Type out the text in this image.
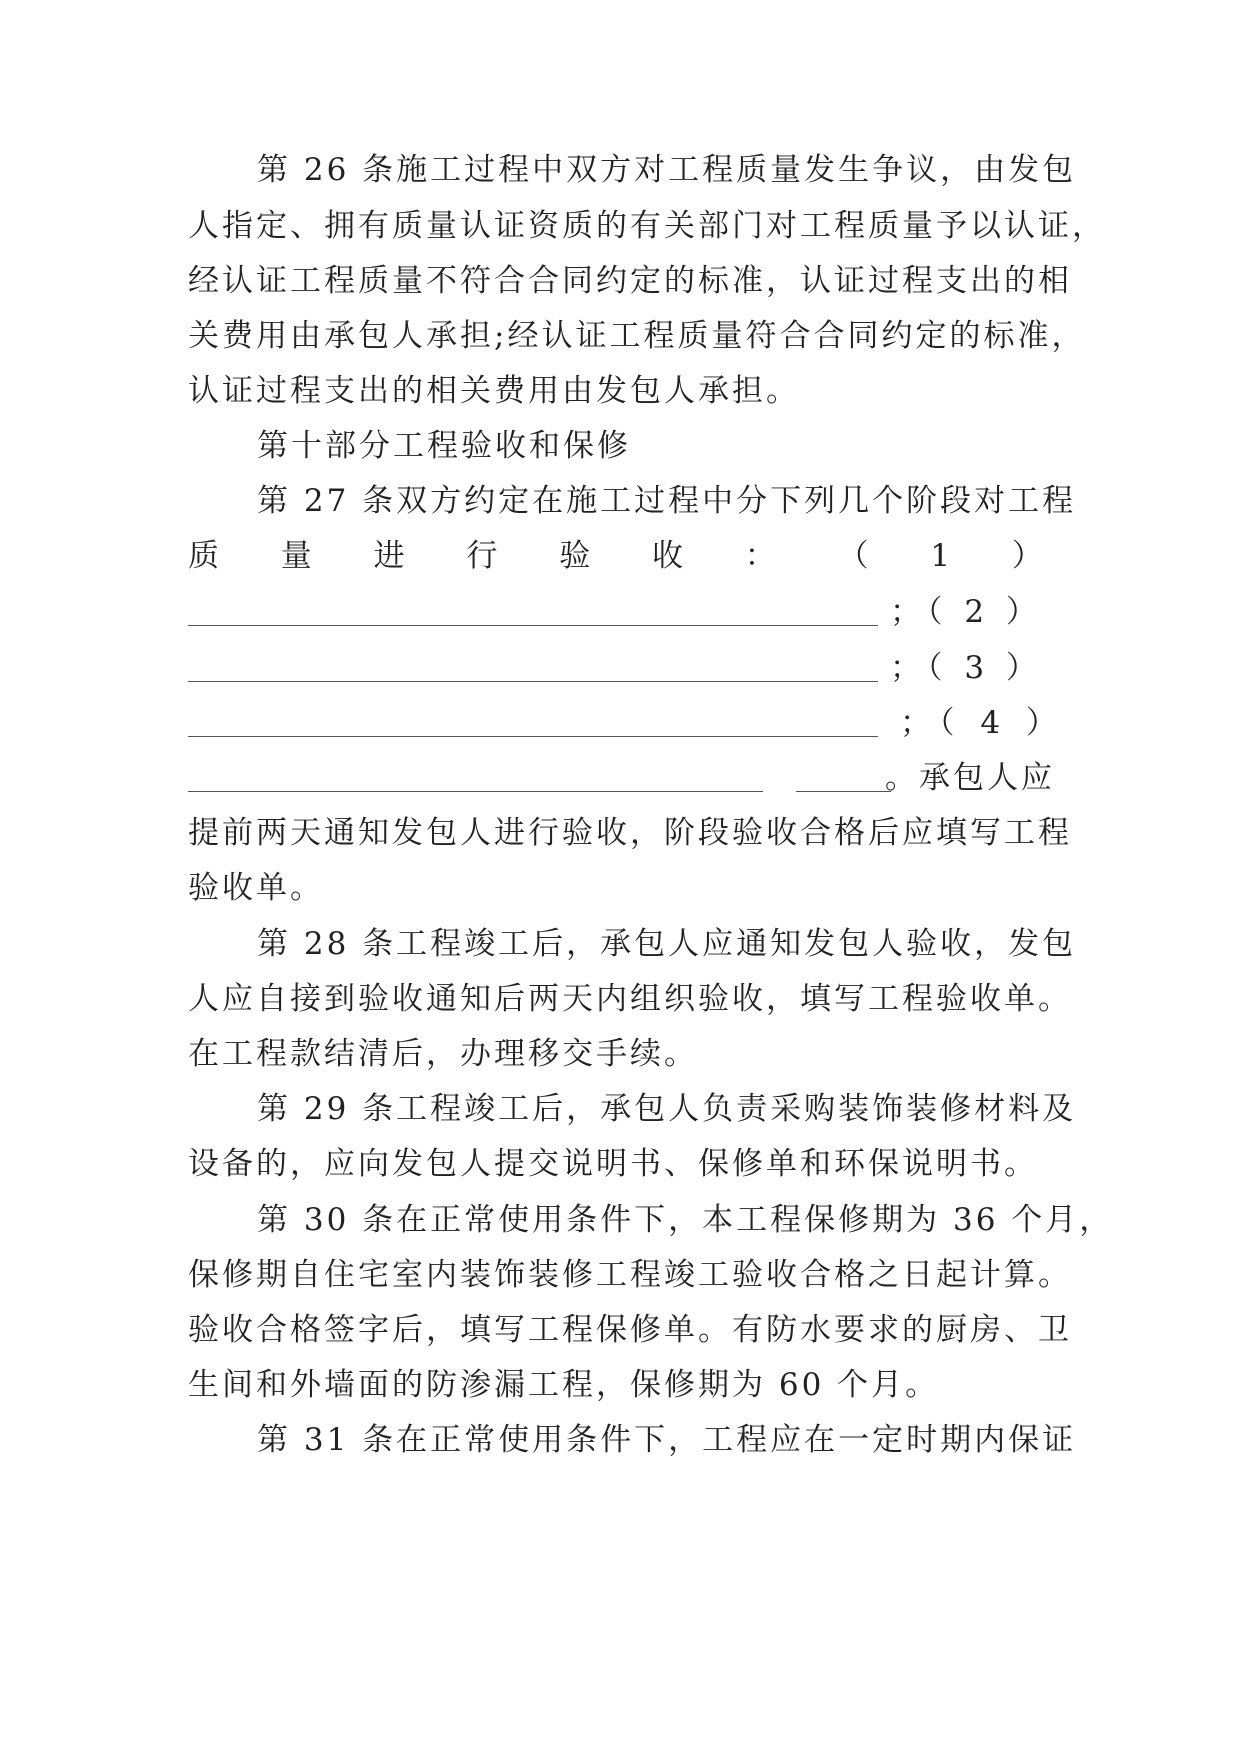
第 26 条施工过程中双方对工程质量发生争议，由发包
人指定、拥有质量认证资质的有关部门对工程质量予以认证，
经认证工程质量不符合合同约定的标准，认证过程支出的相
关费用由承包人承担;经认证工程质量符合合同约定的标准，
认证过程支出的相关费用由发包人承担。
第十部分工程验收和保修
第 27 条双方约定在施工过程中分下列几个阶段对工程
质 量 进 行 验 收 ： （ 1 ）
；（ 2 ）
；（ 3 ）
；（ 4 ）

。承包人应
提前两天通知发包人进行验收，阶段验收合格后应填写工程
验收单。
第 28 条工程竣工后，承包人应通知发包人验收，发包
人应自接到验收通知后两天内组织验收，填写工程验收单。
在工程款结清后，办理移交手续。
第 29 条工程竣工后，承包人负责采购装饰装修材料及
设备的，应向发包人提交说明书、保修单和环保说明书。
第 30 条在正常使用条件下，本工程保修期为 36 个月，
保修期自住宅室内装饰装修工程竣工验收合格之日起计算。
验收合格签字后，填写工程保修单。有防水要求的厨房、卫
生间和外墙面的防渗漏工程，保修期为 60 个月。
第 31 条在正常使用条件下，工程应在一定时期内保证
